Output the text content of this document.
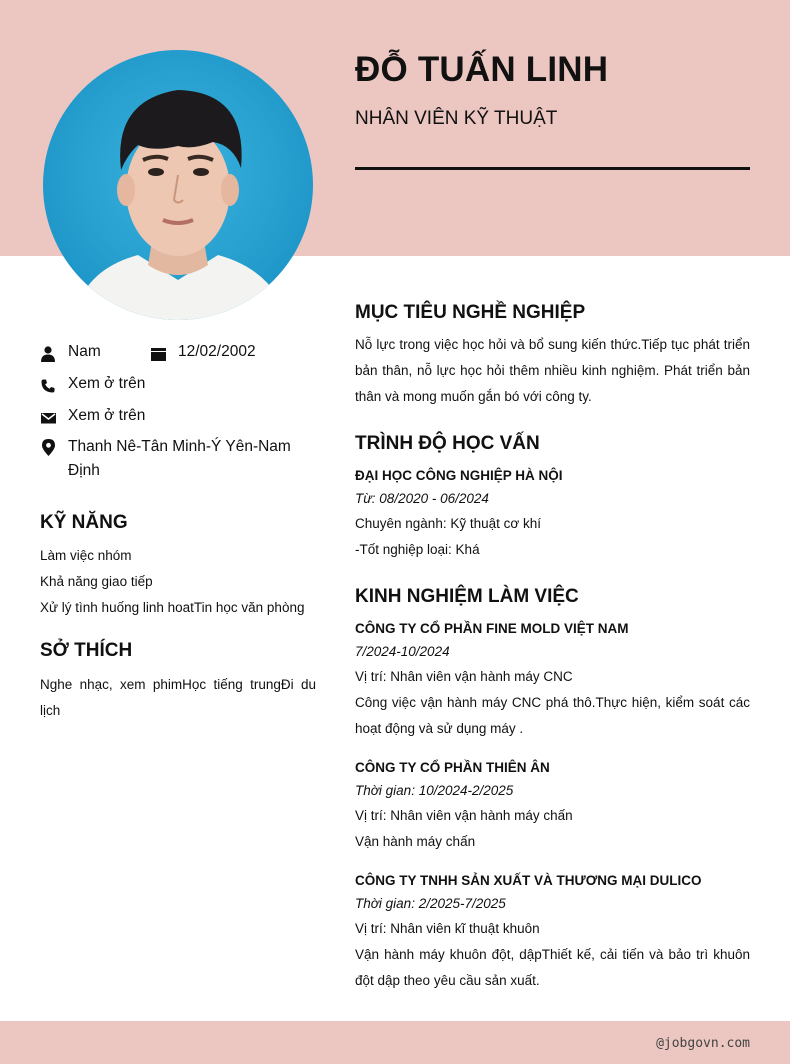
ĐỖ TUẤN LINH
NHÂN VIÊN KỸ THUẬT
Nam	12/02/2002
Xem ở trên
Xem ở trên
Thanh Nê-Tân Minh-Ý Yên-Nam Định
KỸ NĂNG
Làm việc nhóm
Khả năng giao tiếp
Xử lý tình huống linh hoatTin học văn phòng
SỞ THÍCH
Nghe nhạc, xem phimHọc tiếng trungĐi du lịch
MỤC TIÊU NGHỀ NGHIỆP
Nỗ lực trong việc học hỏi và bổ sung kiến thức.Tiếp tục phát triển bản thân, nỗ lực học hỏi thêm nhiều kinh nghiệm. Phát triển bản thân và mong muốn gắn bó với công ty.
TRÌNH ĐỘ HỌC VẤN
ĐẠI HỌC CÔNG NGHIỆP HÀ NỘI
Từ: 08/2020 - 06/2024
Chuyên ngành: Kỹ thuật cơ khí
-Tốt nghiệp loại: Khá
KINH NGHIỆM LÀM VIỆC
CÔNG TY CỔ PHẦN FINE MOLD VIỆT NAM
7/2024-10/2024
Vị trí: Nhân viên vận hành máy CNC
Công việc vận hành máy CNC phá thô.Thực hiện, kiểm soát các hoạt động và sử dụng máy .
CÔNG TY CỔ PHẦN THIÊN ÂN
Thời gian: 10/2024-2/2025
Vị trí: Nhân viên vận hành máy chấn
Vận hành máy chấn
CÔNG TY TNHH SẢN XUẤT VÀ THƯƠNG MẠI DULICO
Thời gian: 2/2025-7/2025
Vị trí: Nhân viên kĩ thuật khuôn
Vận hành máy khuôn đột, dậpThiết kế, cải tiến và bảo trì khuôn đột dập theo yêu cầu sản xuất.
@jobgovn.com
